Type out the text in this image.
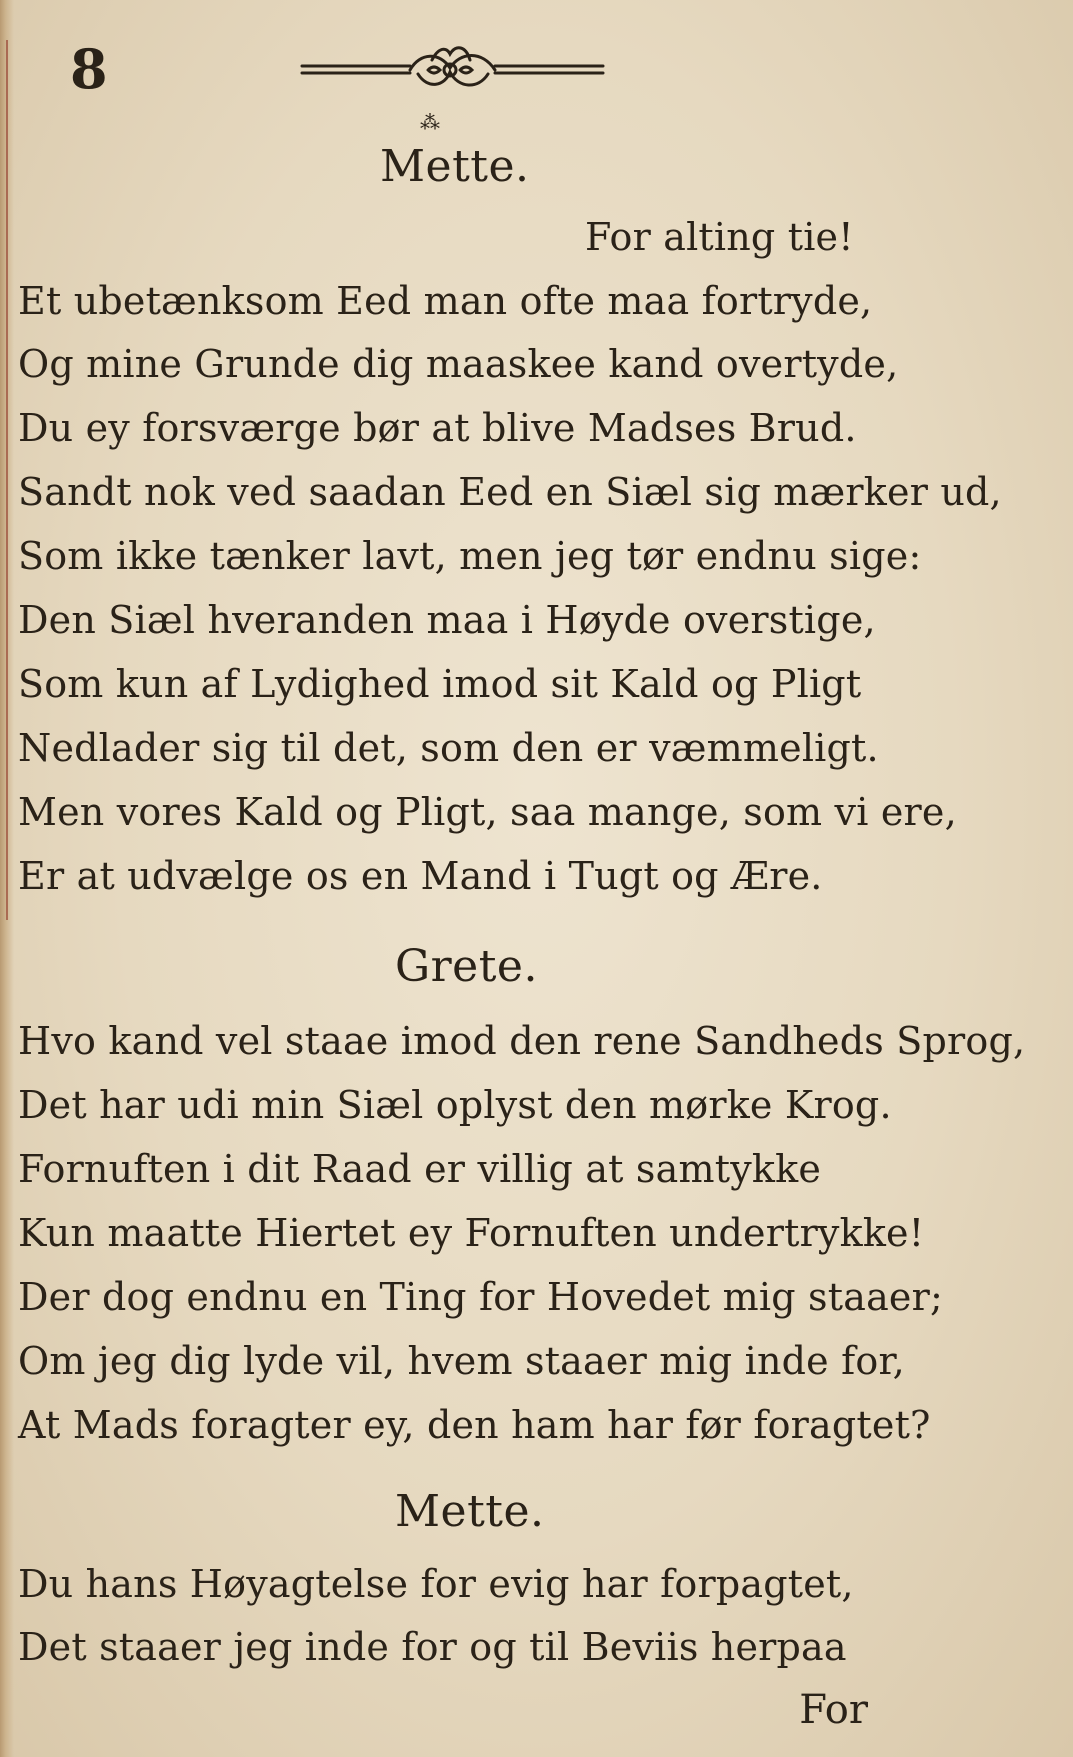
8
⁂
Mette.
For alting tie!
Et ubetænksom Eed man ofte maa fortryde,
Og mine Grunde dig maaskee kand overtyde,
Du ey forsværge bør at blive Madses Brud.
Sandt nok ved saadan Eed en Siæl sig mærker ud,
Som ikke tænker lavt, men jeg tør endnu sige:
Den Siæl hveranden maa i Høyde overstige,
Som kun af Lydighed imod sit Kald og Pligt
Nedlader sig til det, som den er væmmeligt.
Men vores Kald og Pligt, saa mange, som vi ere,
Er at udvælge os en Mand i Tugt og Ære.
Grete.
Hvo kand vel staae imod den rene Sandheds Sprog,
Det har udi min Siæl oplyst den mørke Krog.
Fornuften i dit Raad er villig at samtykke
Kun maatte Hiertet ey Fornuften undertrykke!
Der dog endnu en Ting for Hovedet mig staaer;
Om jeg dig lyde vil, hvem staaer mig inde for,
At Mads foragter ey, den ham har før foragtet?
Mette.
Du hans Høyagtelse for evig har forpagtet,
Det staaer jeg inde for og til Beviis herpaa
For
